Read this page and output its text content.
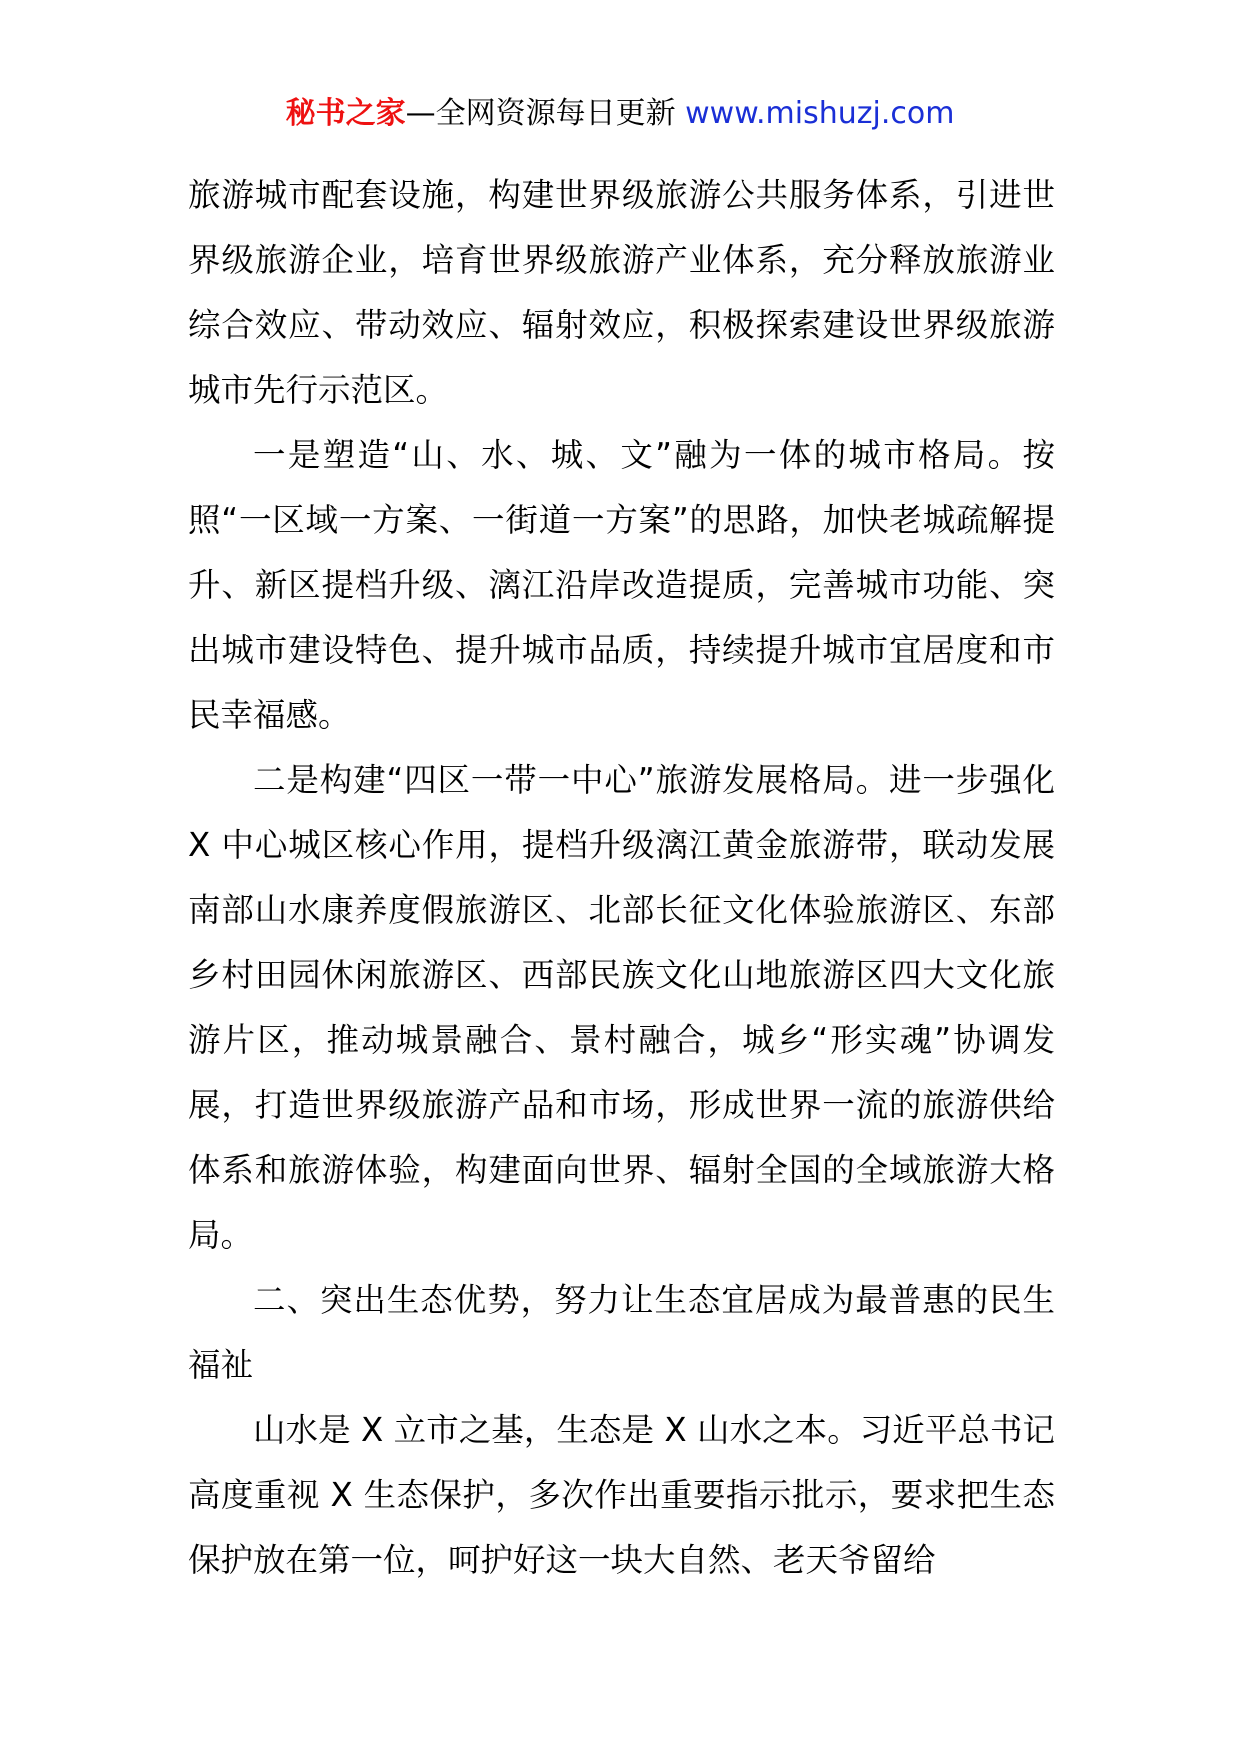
秘书之家—全网资源每日更新 www.mishuzj.com

旅游城市配套设施，构建世界级旅游公共服务体系，引进世界级旅游企业，培育世界级旅游产业体系，充分释放旅游业综合效应、带动效应、辐射效应，积极探索建设世界级旅游城市先行示范区。

一是塑造“山、水、城、文”融为一体的城市格局。按照“一区域一方案、一街道一方案”的思路，加快老城疏解提升、新区提档升级、漓江沿岸改造提质，完善城市功能、突出城市建设特色、提升城市品质，持续提升城市宜居度和市民幸福感。

二是构建“四区一带一中心”旅游发展格局。进一步强化 X 中心城区核心作用，提档升级漓江黄金旅游带，联动发展南部山水康养度假旅游区、北部长征文化体验旅游区、东部乡村田园休闲旅游区、西部民族文化山地旅游区四大文化旅游片区，推动城景融合、景村融合，城乡“形实魂”协调发展，打造世界级旅游产品和市场，形成世界一流的旅游供给体系和旅游体验，构建面向世界、辐射全国的全域旅游大格局。

二、突出生态优势，努力让生态宜居成为最普惠的民生福祉

山水是 X 立市之基，生态是 X 山水之本。习近平总书记高度重视 X 生态保护，多次作出重要指示批示，要求把生态保护放在第一位，呵护好这一块大自然、老天爷留给
